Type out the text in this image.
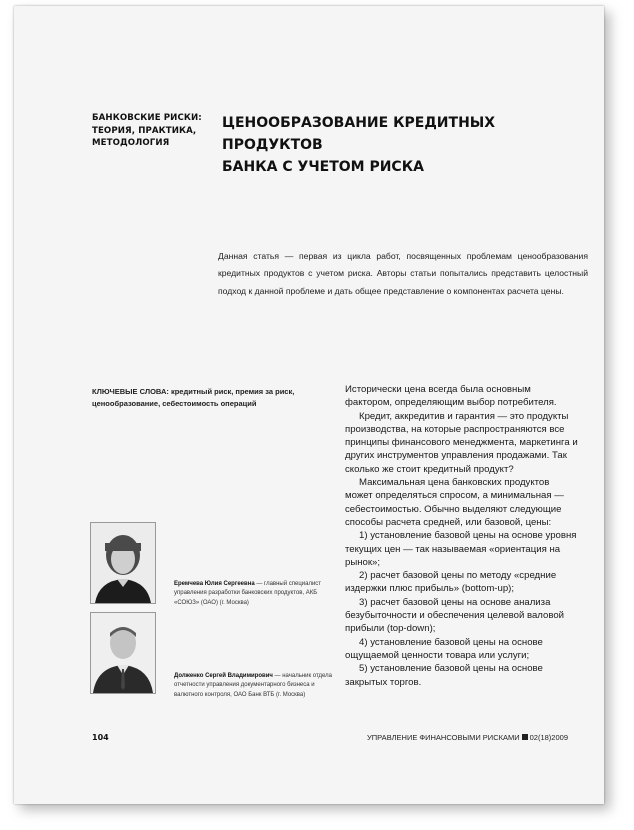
БАНКОВСКИЕ РИСКИ:
ТЕОРИЯ, ПРАКТИКА,
МЕТОДОЛОГИЯ
ЦЕНООБРАЗОВАНИЕ КРЕДИТНЫХ ПРОДУКТОВ
БАНКА С УЧЕТОМ РИСКА
Данная статья — первая из цикла работ, посвященных проблемам ценообразования кредитных продуктов с учетом риска. Авторы статьи попытались представить целостный подход к данной проблеме и дать общее представление о компонентах расчета цены.
КЛЮЧЕВЫЕ СЛОВА: кредитный риск, премия за риск, ценообразование, себестоимость операций

Исторически цена всегда была основным фактором, определяющим выбор потребителя.

Кредит, аккредитив и гарантия — это продукты производства, на которые распространяются все принципы финансового менеджмента, маркетинга и других инструментов управления продажами. Так сколько же стоит кредитный продукт?

Максимальная цена банковских продуктов может определяться спросом, а минимальная — себестоимостью. Обычно выделяют следующие способы расчета средней, или базовой, цены:

1) установление базовой цены на основе уровня текущих цен — так называемая «ориентация на рынок»;

2) расчет базовой цены по методу «средние издержки плюс прибыль» (bottom-up);

3) расчет базовой цены на основе анализа безубыточности и обеспечения целевой валовой прибыли (top-down);

4) установление базовой цены на основе ощущаемой ценности товара или услуги;

5) установление базовой цены на основе закрытых торгов.

Еремчева Юлия Сергеевна — главный специалист управления разработки банковских продуктов, АКБ «СОЮЗ» (ОАО) (г. Москва)
Долженко Сергей Владимирович — начальник отдела отчетности управления документарного бизнеса и валютного контроля, ОАО Банк ВТБ (г. Москва)
104	УПРАВЛЕНИЕ ФИНАНСОВЫМИ РИСКАМИ 02(18)2009
